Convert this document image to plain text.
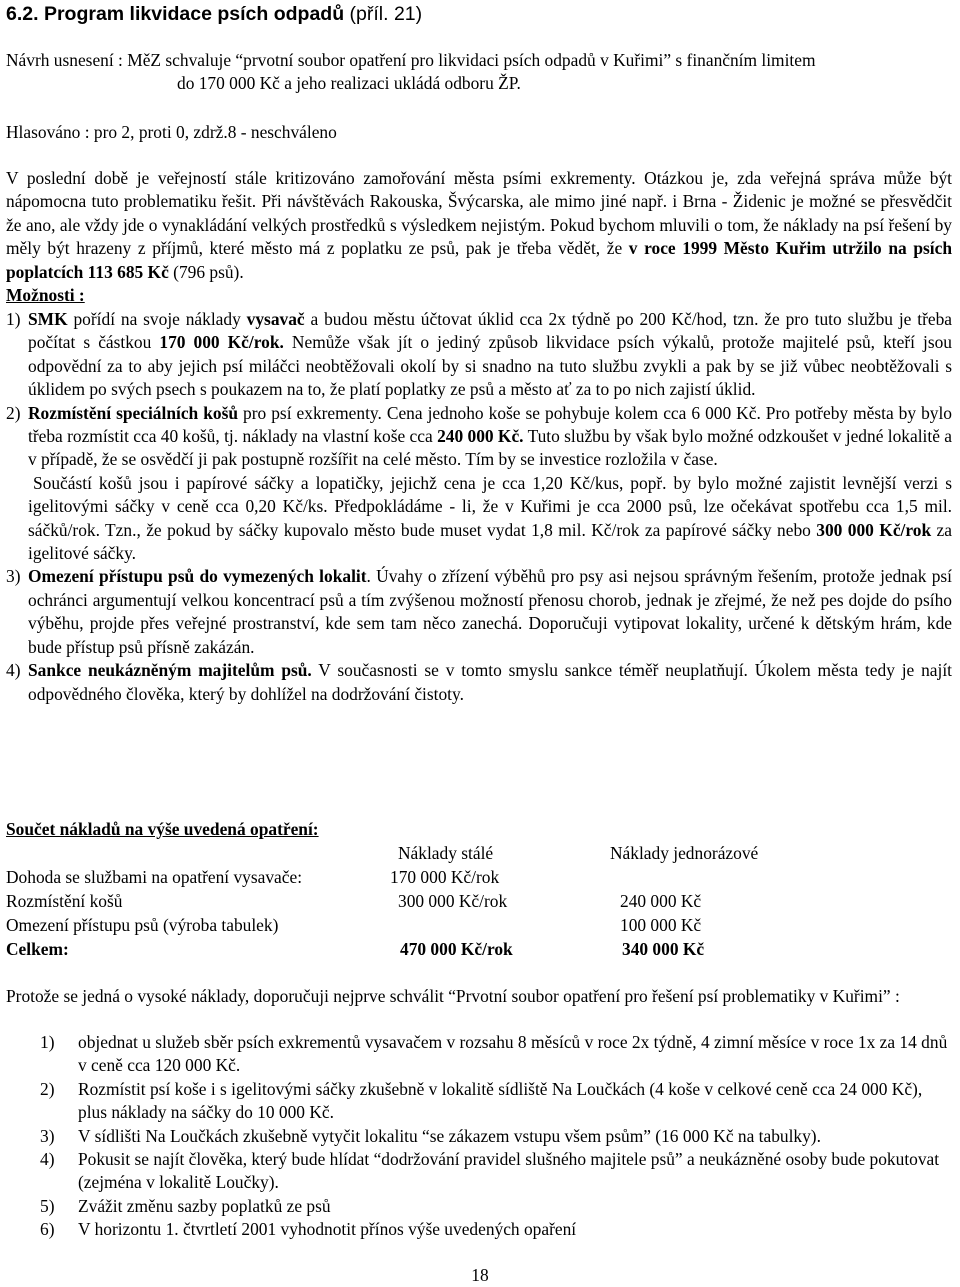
6.2. Program likvidace psích odpadů (příl. 21)

Návrh usnesení : MěZ schvaluje “prvotní soubor opatření pro likvidaci psích odpadů v Kuřimi” s finančním limitem

do 170 000 Kč a jeho realizaci ukládá odboru ŽP.

Hlasováno : pro 2, proti 0, zdrž.8 - neschváleno

V poslední době je veřejností stále kritizováno zamořování města psími exkrementy. Otázkou je, zda veřejná správa může být nápomocna tuto problematiku řešit. Při návštěvách Rakouska, Švýcarska, ale mimo jiné např. i Brna - Židenic je možné se přesvědčit že ano, ale vždy jde o vynakládání velkých prostředků s výsledkem nejistým. Pokud bychom mluvili o tom, že náklady na psí řešení by měly být hrazeny z příjmů, které město má z poplatku ze psů, pak je třeba vědět, že v roce 1999 Město Kuřim utržilo na psích poplatcích 113 685 Kč (796 psů).

Možnosti :

1) SMK pořídí na svoje náklady vysavač a budou městu účtovat úklid cca 2x týdně po 200 Kč/hod, tzn. že pro tuto službu je třeba počítat s částkou 170 000 Kč/rok. Nemůže však jít o jediný způsob likvidace psích výkalů, protože majitelé psů, kteří jsou odpovědní za to aby jejich psí miláčci neobtěžovali okolí by si snadno na tuto službu zvykli a pak by se již vůbec neobtěžovali s úklidem po svých psech s poukazem na to, že platí poplatky ze psů a město ať za to po nich zajistí úklid.

2) Rozmístění speciálních košů pro psí exkrementy. Cena jednoho koše se pohybuje kolem cca 6 000 Kč. Pro potřeby města by bylo třeba rozmístit cca 40 košů, tj. náklady na vlastní koše cca 240 000 Kč. Tuto službu by však bylo možné odzkoušet v jedné lokalitě a v případě, že se osvědčí ji pak postupně rozšířit na celé město. Tím by se investice rozložila v čase.

Součástí košů jsou i papírové sáčky a lopatičky, jejichž cena je cca 1,20 Kč/kus, popř. by bylo možné zajistit levnější verzi s igelitovými sáčky v ceně cca 0,20 Kč/ks. Předpokládáme - li, že v Kuřimi je cca 2000 psů, lze očekávat spotřebu cca 1,5 mil. sáčků/rok. Tzn., že pokud by sáčky kupovalo město bude muset vydat 1,8 mil. Kč/rok za papírové sáčky nebo 300 000 Kč/rok za igelitové sáčky.

3) Omezení přístupu psů do vymezených lokalit. Úvahy o zřízení výběhů pro psy asi nejsou správným řešením, protože jednak psí ochránci argumentují velkou koncentrací psů a tím zvýšenou možností přenosu chorob, jednak je zřejmé, že než pes dojde do psího výběhu, projde přes veřejné prostranství, kde sem tam něco zanechá. Doporučuji vytipovat lokality, určené k dětským hrám, kde bude přístup psů přísně zakázán.

4) Sankce neukázněným majitelům psů. V současnosti se v tomto smyslu sankce téměř neuplatňují. Úkolem města tedy je najít odpovědného člověka, který by dohlížel na dodržování čistoty.

Součet nákladů na výše uvedená opatření:

	Náklady stálé	Náklady jednorázové
Dohoda se službami na opatření vysavače:	170 000 Kč/rok	
Rozmístění košů	300 000 Kč/rok	240 000 Kč
Omezení přístupu psů (výroba tabulek)		100 000 Kč
Celkem:	470 000 Kč/rok	340 000 Kč

Protože se jedná o vysoké náklady, doporučuji nejprve schválit “Prvotní soubor opatření pro řešení psí problematiky v Kuřimi” :

1) objednat u služeb sběr psích exkrementů vysavačem v rozsahu 8 měsíců v roce 2x týdně, 4 zimní měsíce v roce 1x za 14 dnů v ceně cca 120 000 Kč.

2) Rozmístit psí koše i s igelitovými sáčky zkušebně v lokalitě sídliště Na Loučkách (4 koše v celkové ceně cca 24 000 Kč), plus náklady na sáčky do 10 000 Kč.

3) V sídlišti Na Loučkách zkušebně vytyčit lokalitu “se zákazem vstupu všem psům” (16 000 Kč na tabulky).

4) Pokusit se najít člověka, který bude hlídat “dodržování pravidel slušného majitele psů” a neukázněné osoby bude pokutovat (zejména v lokalitě Loučky).

5) Zvážit změnu sazby poplatků ze psů

6) V horizontu 1. čtvrtletí 2001 vyhodnotit přínos výše uvedených opaření

18
